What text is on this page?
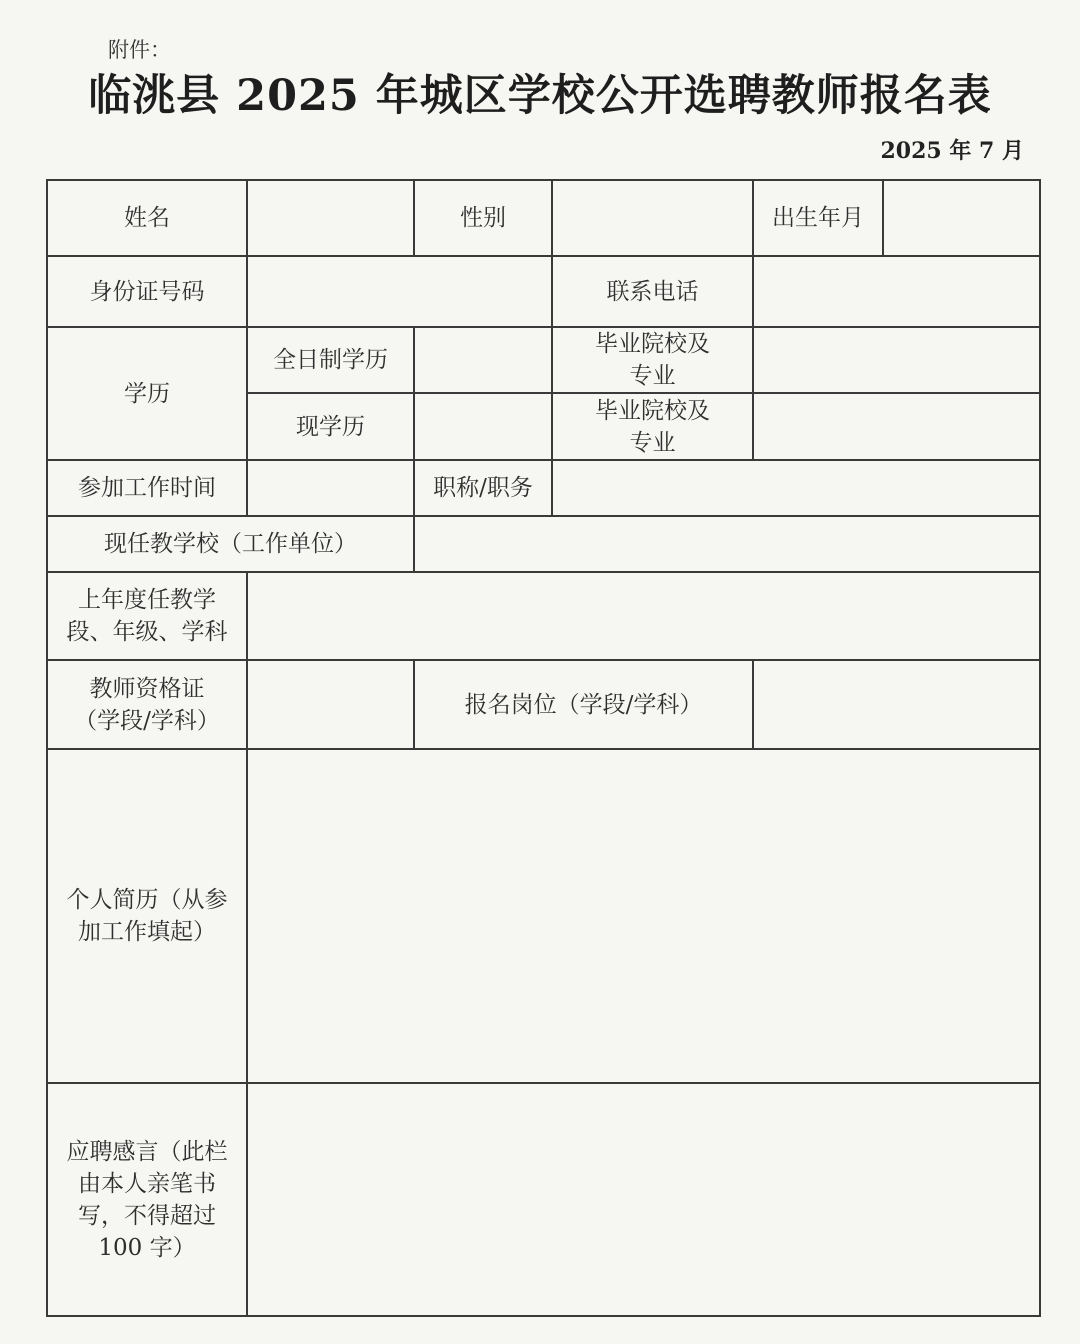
附件：
临洮县 2025 年城区学校公开选聘教师报名表
2025 年 7 月
姓名		性别		出生年月	
身份证号码			联系电话		
学历	全日制学历		毕业院校及
专业		

	现学历		毕业院校及
专业		

参加工作时间		职称/职务			
现任教学校（工作单位）					

上年度任教学
段、年级、学科					

教师资格证
（学段/学科）		报名岗位（学段/学科）			

个人简历（从参
加工作填起）					

应聘感言（此栏
由本人亲笔书
写，不得超过
100 字）					
